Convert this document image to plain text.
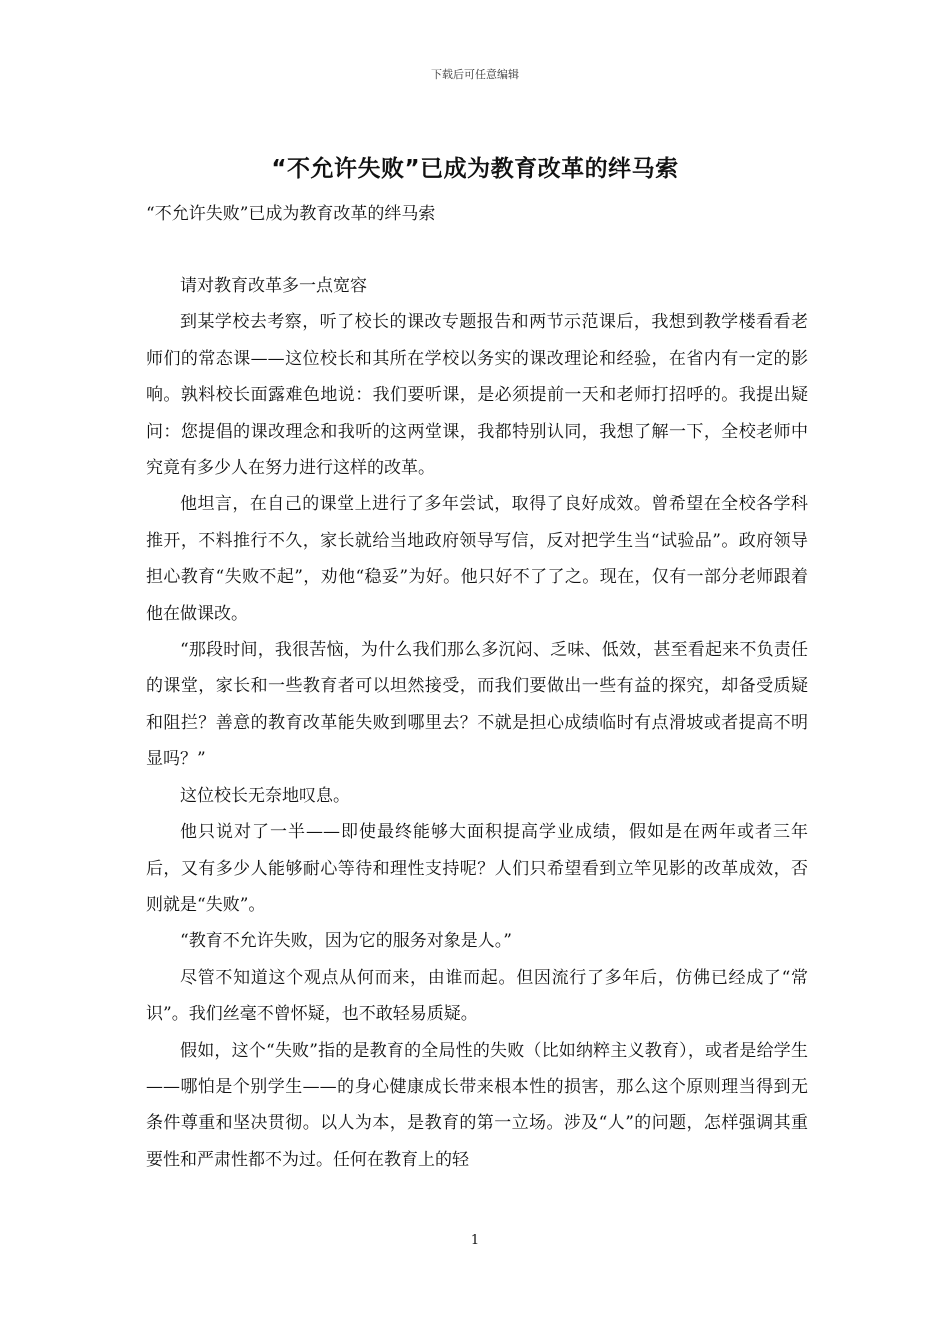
下载后可任意编辑
“不允许失败”已成为教育改革的绊马索
“不允许失败”已成为教育改革的绊马索

请对教育改革多一点宽容

到某学校去考察，听了校长的课改专题报告和两节示范课后，我想到教学楼看看老师们的常态课——这位校长和其所在学校以务实的课改理论和经验，在省内有一定的影响。孰料校长面露难色地说：我们要听课，是必须提前一天和老师打招呼的。我提出疑问：您提倡的课改理念和我听的这两堂课，我都特别认同，我想了解一下，全校老师中究竟有多少人在努力进行这样的改革。

他坦言，在自己的课堂上进行了多年尝试，取得了良好成效。曾希望在全校各学科推开，不料推行不久，家长就给当地政府领导写信，反对把学生当“试验品”。政府领导担心教育“失败不起”，劝他“稳妥”为好。他只好不了了之。现在，仅有一部分老师跟着他在做课改。

“那段时间，我很苦恼，为什么我们那么多沉闷、乏味、低效，甚至看起来不负责任的课堂，家长和一些教育者可以坦然接受，而我们要做出一些有益的探究，却备受质疑和阻拦？善意的教育改革能失败到哪里去？不就是担心成绩临时有点滑坡或者提高不明显吗？”

这位校长无奈地叹息。

他只说对了一半——即使最终能够大面积提高学业成绩，假如是在两年或者三年后，又有多少人能够耐心等待和理性支持呢？人们只希望看到立竿见影的改革成效，否则就是“失败”。

“教育不允许失败，因为它的服务对象是人。”

尽管不知道这个观点从何而来，由谁而起。但因流行了多年后，仿佛已经成了“常识”。我们丝毫不曾怀疑，也不敢轻易质疑。

假如，这个“失败”指的是教育的全局性的失败（比如纳粹主义教育），或者是给学生——哪怕是个别学生——的身心健康成长带来根本性的损害，那么这个原则理当得到无条件尊重和坚决贯彻。以人为本，是教育的第一立场。涉及“人”的问题，怎样强调其重要性和严肃性都不为过。任何在教育上的轻

1
